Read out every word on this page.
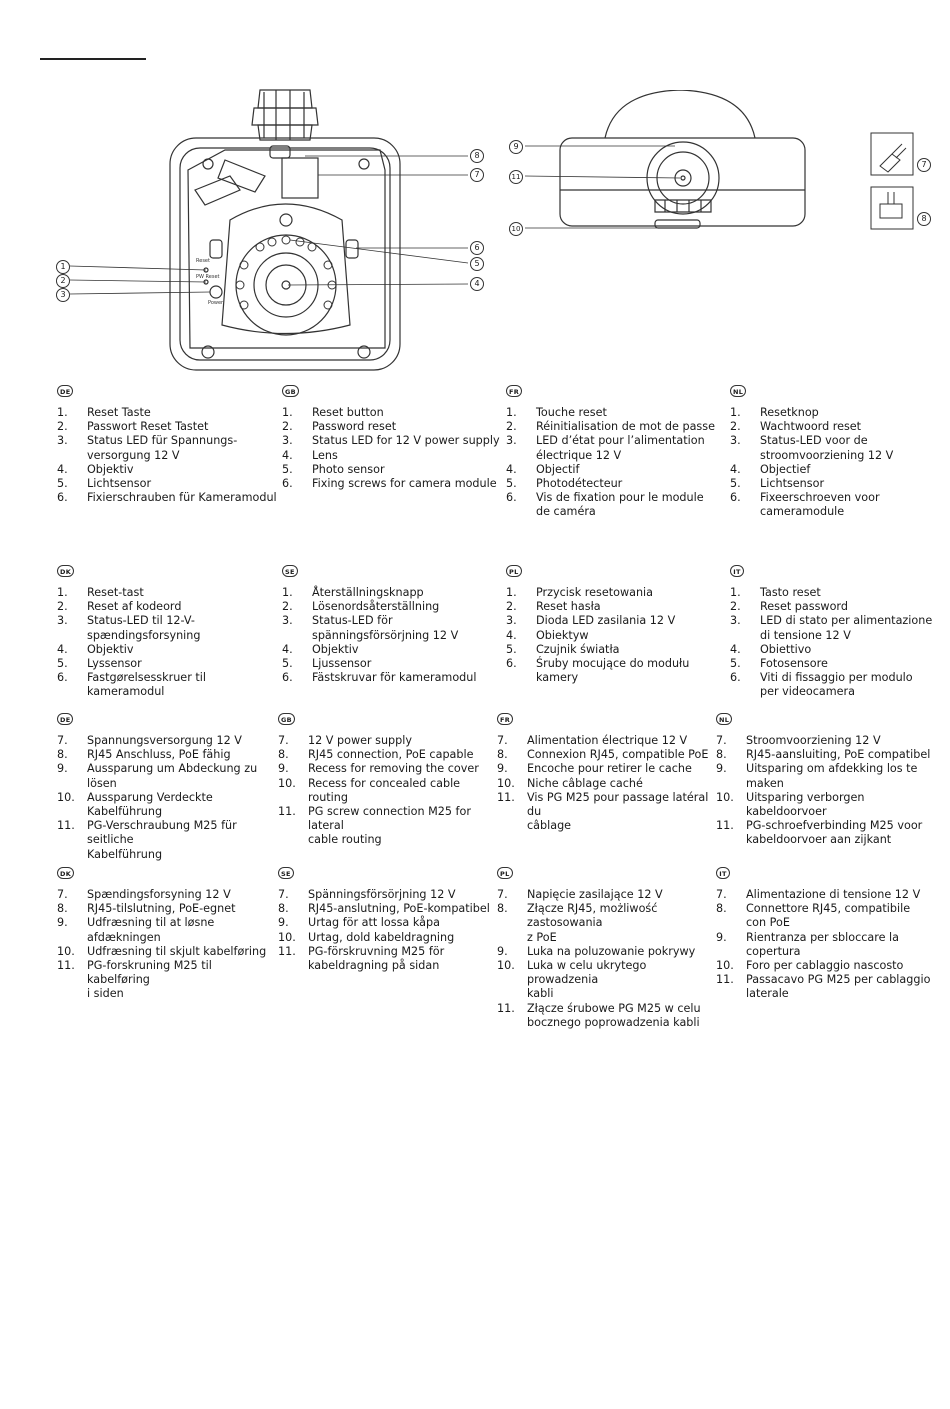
8
7
6
5
4
1
2
3
Reset
PW Reset
Power
9
11
10
7
8
DE
1.	Reset Taste
2.	Passwort Reset Tastet
3.	Status LED für Spannungs-
versorgung 12 V
4.	Objektiv
5.	Lichtsensor
6.	Fixierschrauben für Kameramodul
GB
1.	Reset button
2.	Password reset
3.	Status LED for 12 V power supply
4.	Lens
5.	Photo sensor
6.	Fixing screws for camera module
FR
1.	Touche reset
2.	Réinitialisation de mot de passe
3.	LED d’état pour l’alimentation
électrique 12 V
4.	Objectif
5.	Photodétecteur
6.	Vis de fixation pour le module
de caméra
NL
1.	Resetknop
2.	Wachtwoord reset
3.	Status-LED voor de
stroomvoorziening 12 V
4.	Objectief
5.	Lichtsensor
6.	Fixeerschroeven voor
cameramodule
DK
1.	Reset-tast
2.	Reset af kodeord
3.	Status-LED til 12-V-
spændingsforsyning
4.	Objektiv
5.	Lyssensor
6.	Fastgørelsesskruer til kameramodul
SE
1.	Återställningsknapp
2.	Lösenordsåterställning
3.	Status-LED för
spänningsförsörjning 12 V
4.	Objektiv
5.	Ljussensor
6.	Fästskruvar för kameramodul
PL
1.	Przycisk resetowania
2.	Reset hasła
3.	Dioda LED zasilania 12 V
4.	Obiektyw
5.	Czujnik światła
6.	Śruby mocujące do modułu kamery
IT
1.	Tasto reset
2.	Reset password
3.	LED di stato per alimentazione
di tensione 12 V
4.	Obiettivo
5.	Fotosensore
6.	Viti di fissaggio per modulo
per videocamera
DE
7.	Spannungsversorgung 12 V
8.	RJ45 Anschluss, PoE fähig
9.	Aussparung um Abdeckung zu lösen
10.	Aussparung Verdeckte Kabelführung
11.	PG-Verschraubung M25 für seitliche
Kabelführung
GB
7.	12 V power supply
8.	RJ45 connection, PoE capable
9.	Recess for removing the cover
10.	Recess for concealed cable routing
11.	PG screw connection M25 for lateral
cable routing
FR
7.	Alimentation électrique 12 V
8.	Connexion RJ45, compatible PoE
9.	Encoche pour retirer le cache
10.	Niche câblage caché
11.	Vis PG M25 pour passage latéral du
câblage
NL
7.	Stroomvoorziening 12 V
8.	RJ45-aansluiting, PoE compatibel
9.	Uitsparing om afdekking los te
maken
10.	Uitsparing verborgen kabeldoorvoer
11.	PG-schroefverbinding M25 voor
kabeldoorvoer aan zijkant
DK
7.	Spændingsforsyning 12 V
8.	RJ45-tilslutning, PoE-egnet
9.	Udfræsning til at løsne afdækningen
10.	Udfræsning til skjult kabelføring
11.	PG-forskruning M25 til kabelføring
i siden
SE
7.	Spänningsförsörjning 12 V
8.	RJ45-anslutning, PoE-kompatibel
9.	Urtag för att lossa kåpa
10.	Urtag, dold kabeldragning
11.	PG-förskruvning M25 för
kabeldragning på sidan
PL
7.	Napięcie zasilające 12 V
8.	Złącze RJ45, możliwość zastosowania
z PoE
9.	Luka na poluzowanie pokrywy
10.	Luka w celu ukrytego prowadzenia
kabli
11.	Złącze śrubowe PG M25 w celu
bocznego poprowadzenia kabli
IT
7.	Alimentazione di tensione 12 V
8.	Connettore RJ45, compatibile
con PoE
9.	Rientranza per sbloccare la copertura
10.	Foro per cablaggio nascosto
11.	Passacavo PG M25 per cablaggio
laterale
